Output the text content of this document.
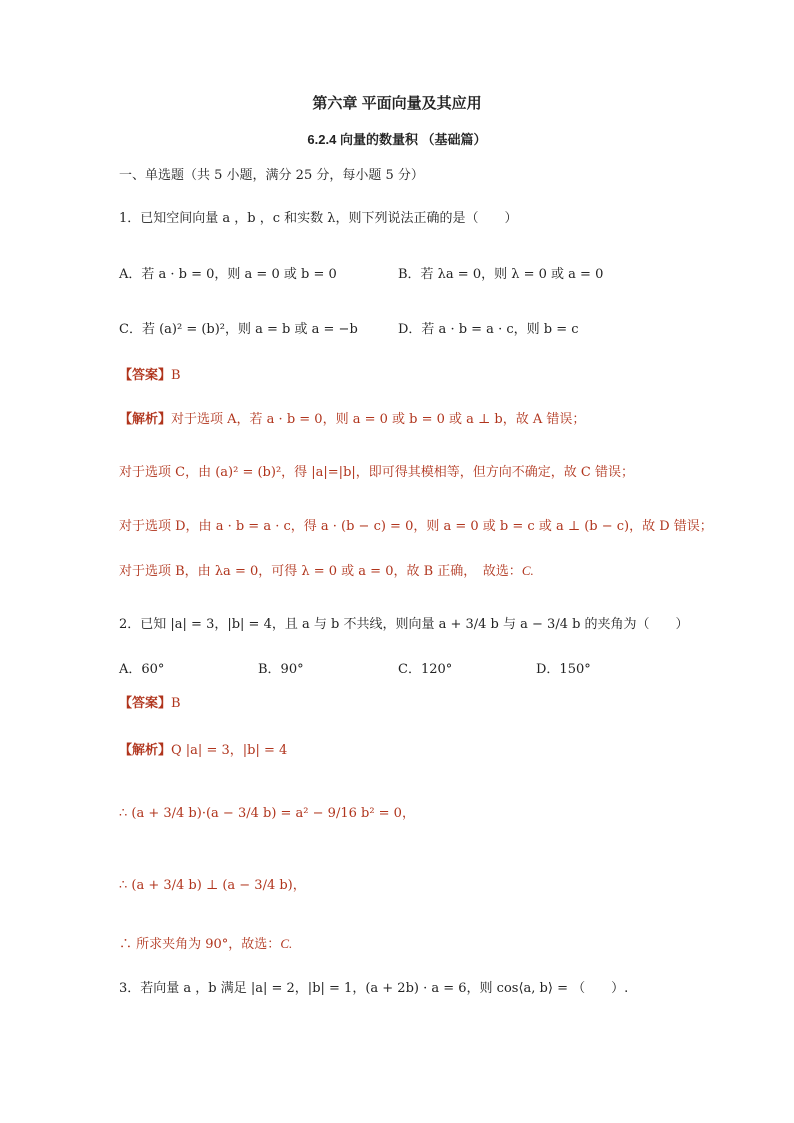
第六章 平面向量及其应用
6.2.4 向量的数量积 （基础篇）
一、单选题（共 5 小题，满分 25 分，每小题 5 分）
1．已知空间向量 a ，b ，c 和实数 λ，则下列说法正确的是（　　）
A．若 a · b = 0，则 a = 0 或 b = 0	B．若 λa = 0，则 λ = 0 或 a = 0
C．若 (a)² = (b)²，则 a = b 或 a = −b	D．若 a · b = a · c，则 b = c
【答案】B
【解析】对于选项 A，若 a · b = 0，则 a = 0 或 b = 0 或 a ⊥ b，故 A 错误；
对于选项 C，由 (a)² = (b)²，得 |a|=|b|，即可得其模相等，但方向不确定，故 C 错误；
对于选项 D，由 a · b = a · c，得 a · (b − c) = 0，则 a = 0 或 b = c 或 a ⊥ (b − c)，故 D 错误；
对于选项 B，由 λa = 0，可得 λ = 0 或 a = 0，故 B 正确，　故选：C.
2．已知 |a| = 3，|b| = 4，且 a 与 b 不共线，则向量 a + 3/4 b 与 a − 3/4 b 的夹角为（　　）
A．60°	B．90°	C．120°	D．150°
【答案】B
【解析】Q |a| = 3，|b| = 4
∴ (a + 3/4 b)·(a − 3/4 b) = a² − 9/16 b² = 0，
∴ (a + 3/4 b) ⊥ (a − 3/4 b)，
∴ 所求夹角为 90°，故选：C.
3．若向量 a ，b 满足 |a| = 2，|b| = 1，(a + 2b) · a = 6，则 cos⟨a, b⟩ = （　　）.
